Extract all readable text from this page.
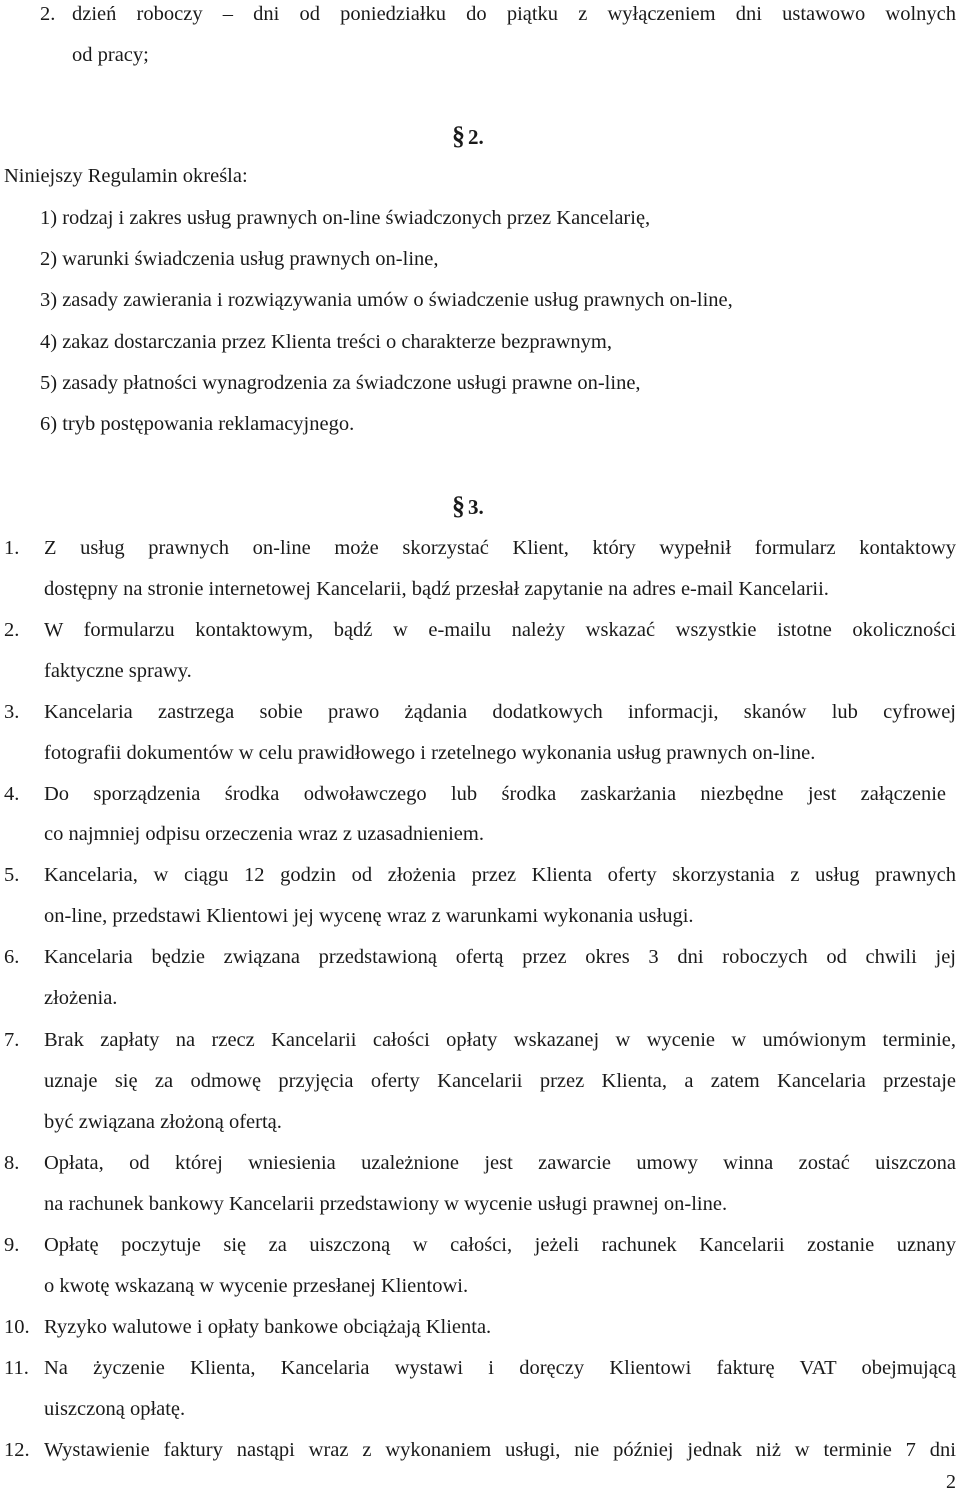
2. dzień roboczy – dni od poniedziałku do piątku z wyłączeniem dni ustawowo wolnych
od pracy;
§ 2.
Niniejszy Regulamin określa:
1) rodzaj i zakres usług prawnych on-line świadczonych przez Kancelarię,
2) warunki świadczenia usług prawnych on-line,
3) zasady zawierania i rozwiązywania umów o świadczenie usług prawnych on-line,
4) zakaz dostarczania przez Klienta treści o charakterze bezprawnym,
5) zasady płatności wynagrodzenia za świadczone usługi prawne on-line,
6) tryb postępowania reklamacyjnego.
§ 3.
1. Z usług prawnych on-line może skorzystać Klient, który wypełnił formularz kontaktowy
dostępny na stronie internetowej Kancelarii, bądź przesłał zapytanie na adres e-mail Kancelarii.
2. W formularzu kontaktowym, bądź w e-mailu należy wskazać wszystkie istotne okoliczności
faktyczne sprawy.
3. Kancelaria zastrzega sobie prawo żądania dodatkowych informacji, skanów lub cyfrowej
fotografii dokumentów w celu prawidłowego i rzetelnego wykonania usług prawnych on-line.
4. Do sporządzenia środka odwoławczego lub środka zaskarżania niezbędne jest załączenie
co najmniej odpisu orzeczenia wraz z uzasadnieniem.
5. Kancelaria, w ciągu 12 godzin od złożenia przez Klienta oferty skorzystania z usług prawnych
on-line, przedstawi Klientowi jej wycenę wraz z warunkami wykonania usługi.
6. Kancelaria będzie związana przedstawioną ofertą przez okres 3 dni roboczych od chwili jej
złożenia.
7. Brak zapłaty na rzecz Kancelarii całości opłaty wskazanej w wycenie w umówionym terminie,
uznaje się za odmowę przyjęcia oferty Kancelarii przez Klienta, a zatem Kancelaria przestaje
być związana złożoną ofertą.
8. Opłata, od której wniesienia uzależnione jest zawarcie umowy winna zostać uiszczona
na rachunek bankowy Kancelarii przedstawiony w wycenie usługi prawnej on-line.
9. Opłatę poczytuje się za uiszczoną w całości, jeżeli rachunek Kancelarii zostanie uznany
o kwotę wskazaną w wycenie przesłanej Klientowi.
10. Ryzyko walutowe i opłaty bankowe obciążają Klienta.
11. Na życzenie Klienta, Kancelaria wystawi i doręczy Klientowi fakturę VAT obejmującą
uiszczoną opłatę.
12. Wystawienie faktury nastąpi wraz z wykonaniem usługi, nie później jednak niż w terminie 7 dni
2
